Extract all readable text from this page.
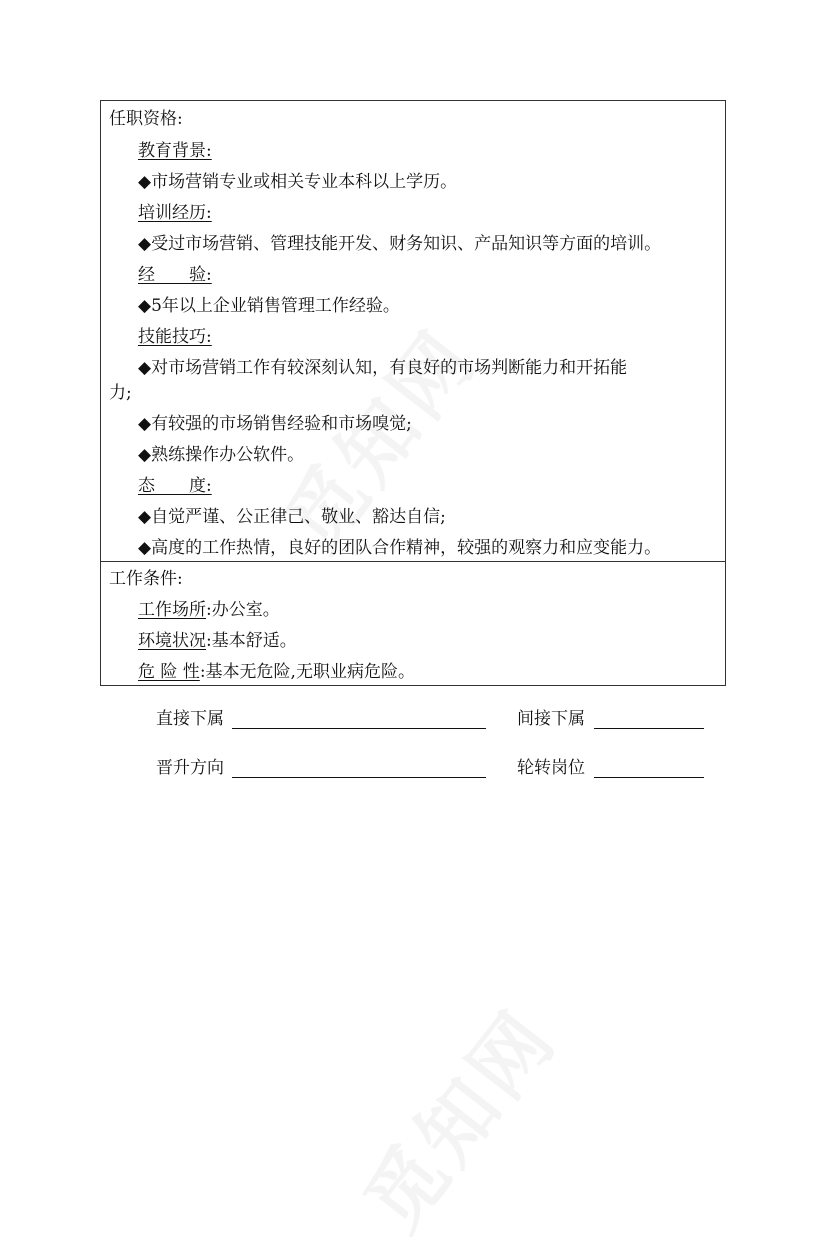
任职资格:
教育背景:
◆市场营销专业或相关专业本科以上学历。
培训经历:
◆受过市场营销、管理技能开发、财务知识、产品知识等方面的培训。
经　　验:
◆5年以上企业销售管理工作经验。
技能技巧:
◆对市场营销工作有较深刻认知，有良好的市场判断能力和开拓能
力;
◆有较强的市场销售经验和市场嗅觉;
◆熟练操作办公软件。
态　　度:
◆自觉严谨、公正律己、敬业、豁达自信;
◆高度的工作热情，良好的团队合作精神，较强的观察力和应变能力。
工作条件:
工作场所:办公室。
环境状况:基本舒适。
危 险 性:基本无危险,无职业病危险。
直接下属	间接下属
晋升方向	轮转岗位
